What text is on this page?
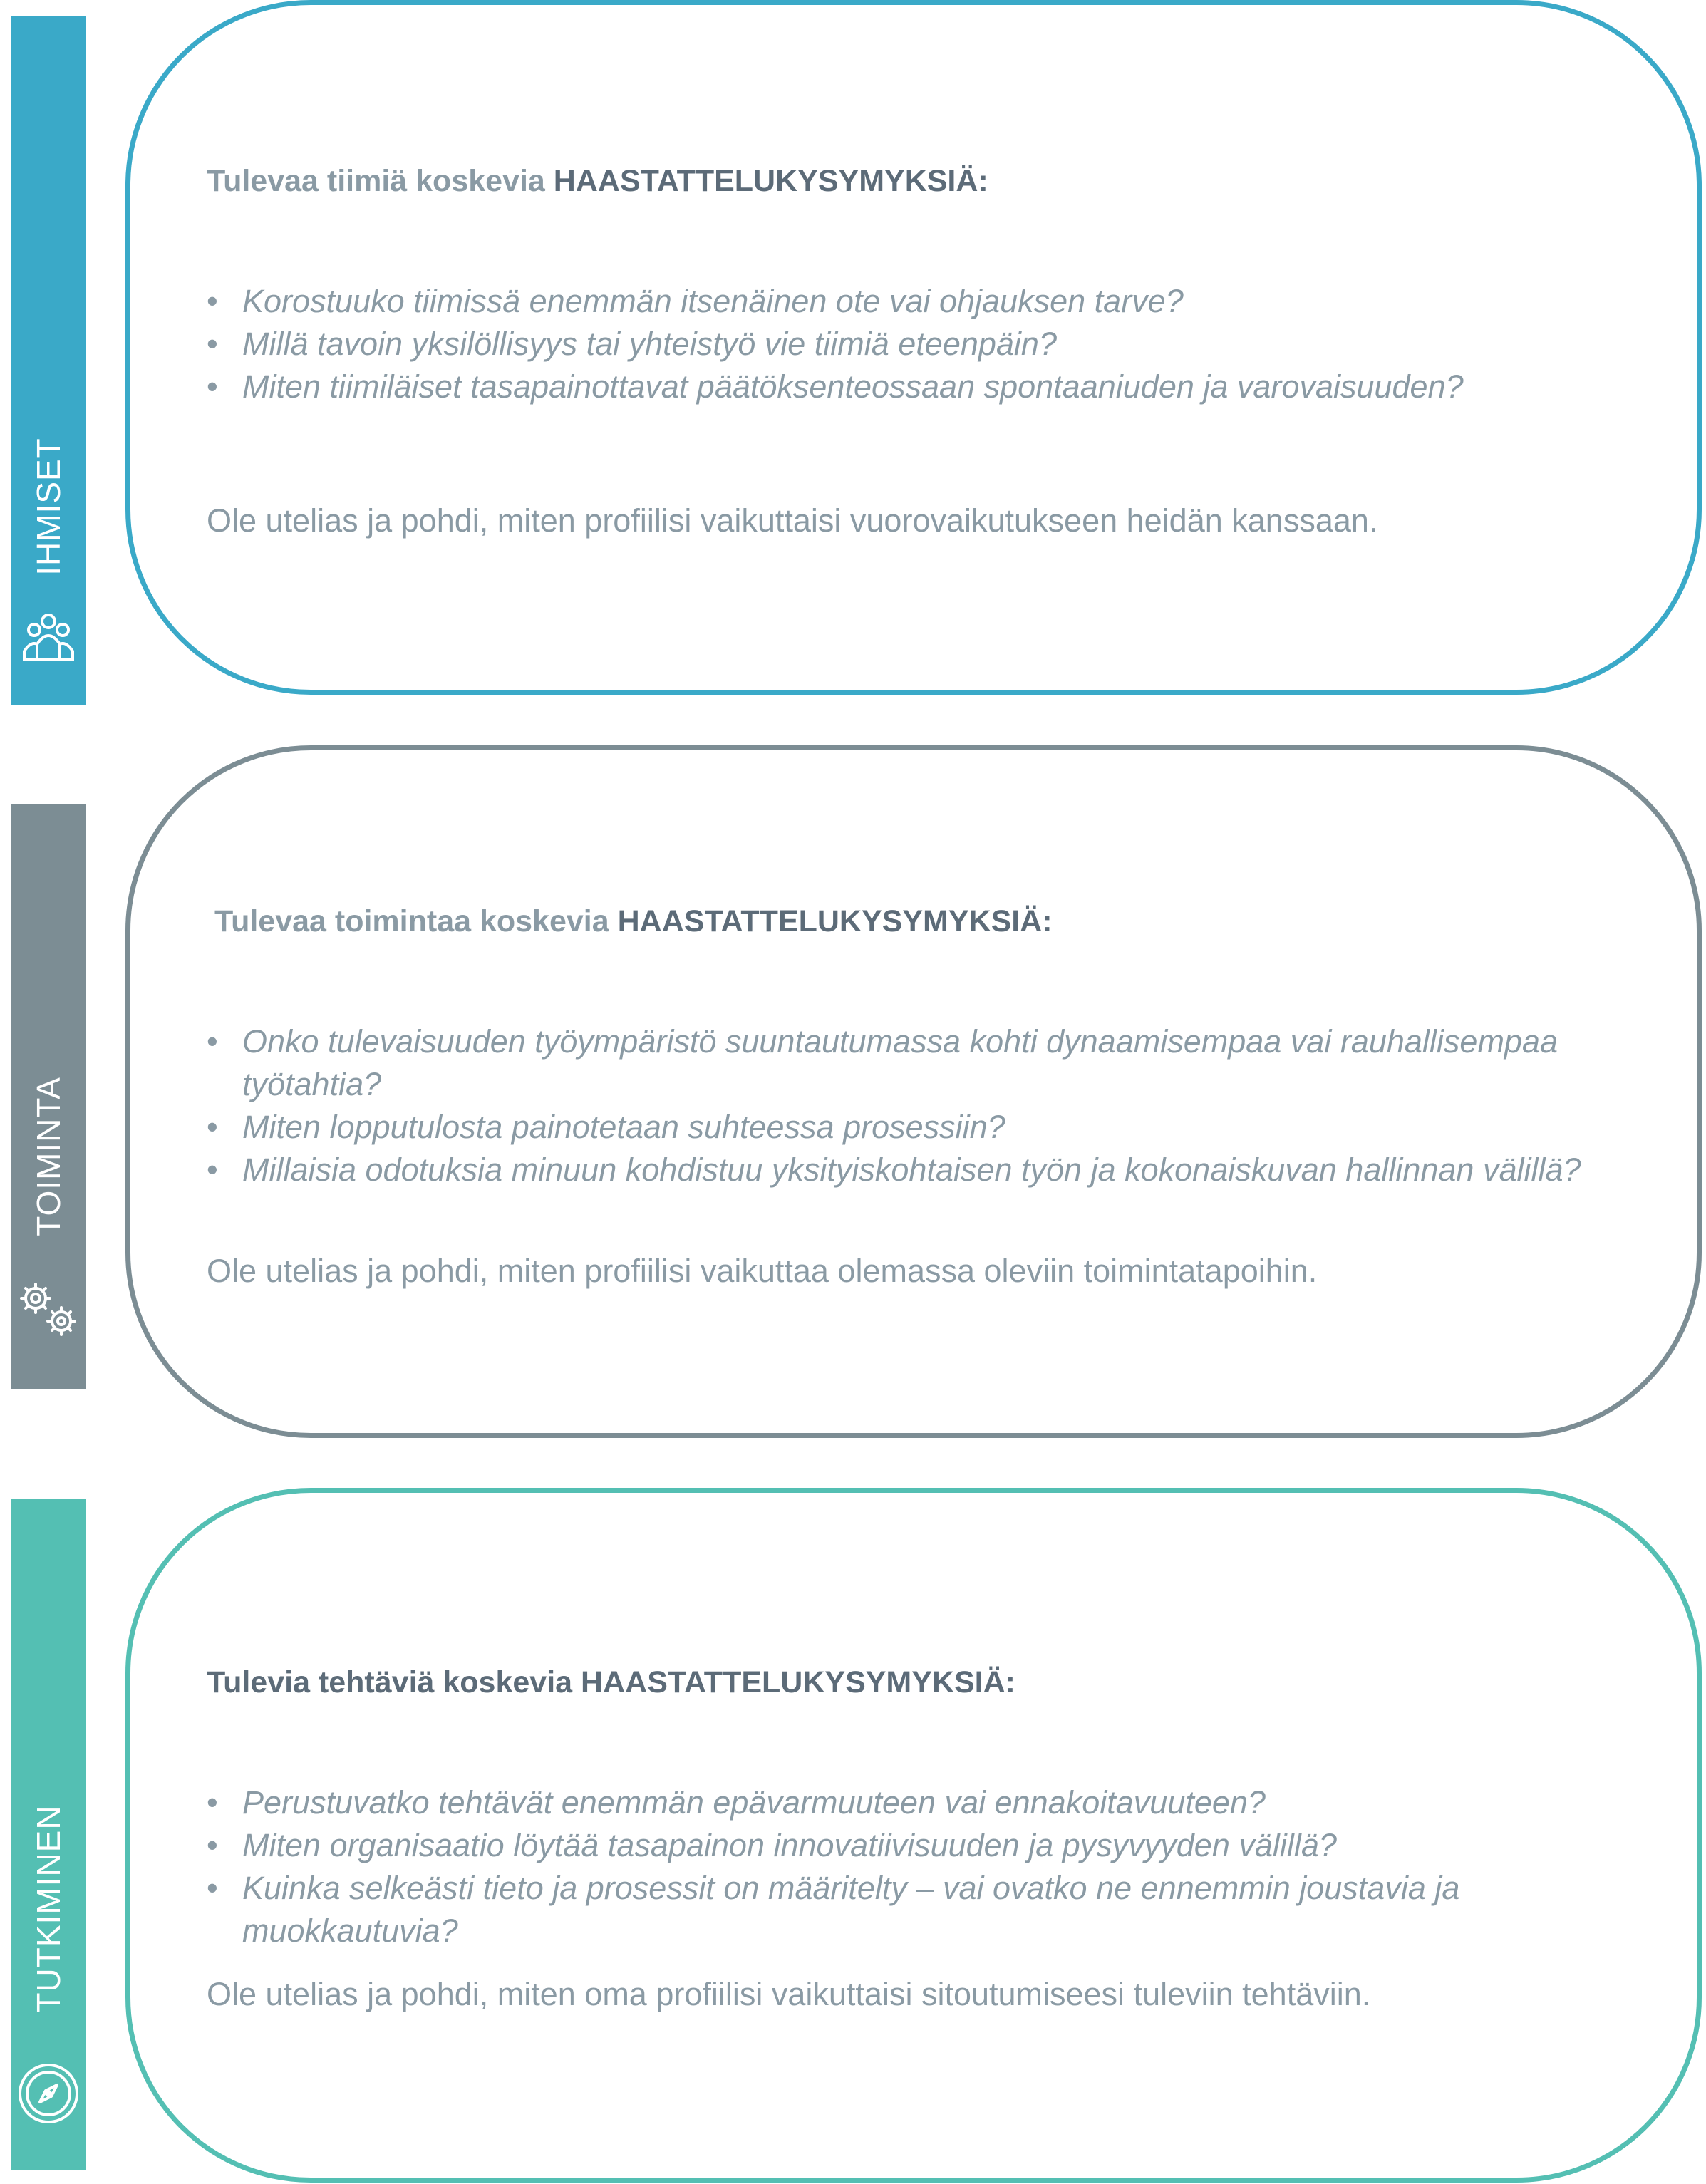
IHMISET
Tulevaa tiimiä koskevia HAASTATTELUKYSYMYKSIÄ:
• Korostuuko tiimissä enemmän itsenäinen ote vai ohjauksen tarve?
• Millä tavoin yksilöllisyys tai yhteistyö vie tiimiä eteenpäin?
• Miten tiimiläiset tasapainottavat päätöksenteossaan spontaaniuden ja varovaisuuden?

Ole utelias ja pohdi, miten profiilisi vaikuttaisi vuorovaikutukseen heidän kanssaan.

TOIMINTA
Tulevaa toimintaa koskevia HAASTATTELUKYSYMYKSIÄ:
• Onko tulevaisuuden työympäristö suuntautumassa kohti dynaamisempaa vai rauhallisempaa työtahtia?
• Miten lopputulosta painotetaan suhteessa prosessiin?
• Millaisia odotuksia minuun kohdistuu yksityiskohtaisen työn ja kokonaiskuvan hallinnan välillä?

Ole utelias ja pohdi, miten profiilisi vaikuttaa olemassa oleviin toimintatapoihin.

TUTKIMINEN
Tulevia tehtäviä koskevia HAASTATTELUKYSYMYKSIÄ:
• Perustuvatko tehtävät enemmän epävarmuuteen vai ennakoitavuuteen?
• Miten organisaatio löytää tasapainon innovatiivisuuden ja pysyvyyden välillä?
• Kuinka selkeästi tieto ja prosessit on määritelty – vai ovatko ne ennemmin joustavia ja muokkautuvia?

Ole utelias ja pohdi, miten oma profiilisi vaikuttaisi sitoutumiseesi tuleviin tehtäviin.
